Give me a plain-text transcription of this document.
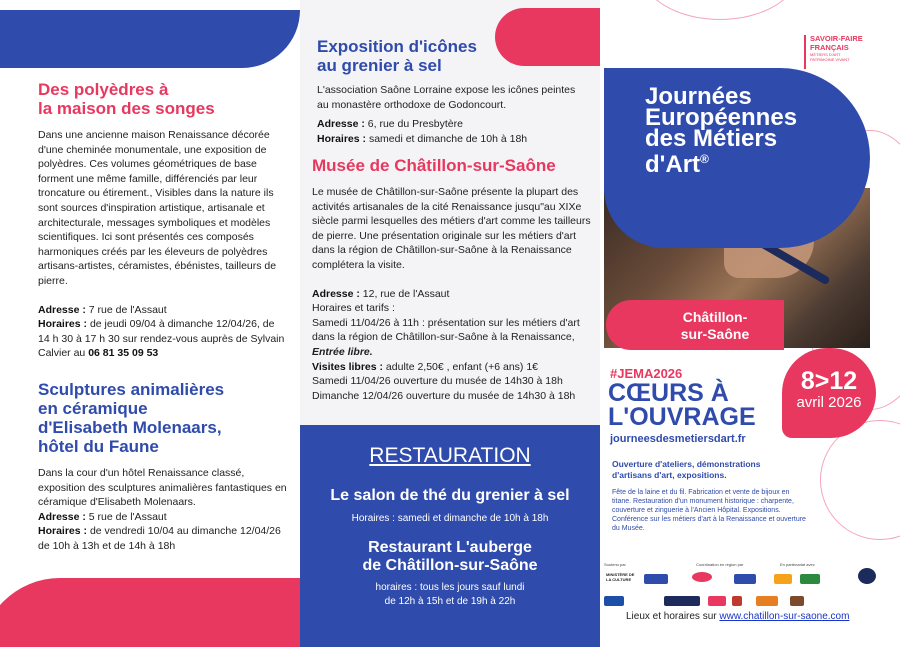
Des polyèdres à
la maison des songes

Dans une ancienne maison Renaissance décorée d'une cheminée monumentale, une exposition de polyèdres. Ces volumes géométriques de base forment une même famille, différenciés par leur troncature ou étirement., Visibles dans la nature ils sont sources d'inspiration artistique, artisanale et architecturale, messages symboliques et modèles scientifiques. Ici sont présentés ces composés harmoniques créés par les éleveurs de polyèdres artisans-artistes, céramistes, ébénistes, tailleurs de pierre.

Adresse : 7 rue de l'Assaut

Horaires : de jeudi 09/04 à dimanche 12/04/26, de 14 h 30 à 17 h 30 sur rendez-vous auprès de Sylvain Calvier au 06 81 35 09 53

Sculptures animalières
en céramique
d'Elisabeth Molenaars,
hôtel du Faune

Dans la cour d'un hôtel Renaissance classé, exposition des sculptures animalières fantastiques en céramique d'Elisabeth Molenaars.

Adresse : 5 rue de l'Assaut

Horaires : de vendredi 10/04 au dimanche 12/04/26 de 10h à 13h et de 14h à 18h

Exposition d'icônes
au grenier à sel

L'association Saône Lorraine expose les icônes peintes au monastère orthodoxe de Godoncourt.

Adresse : 6, rue du Presbytère

Horaires : samedi et dimanche de 10h à 18h

Musée de Châtillon-sur-Saône

Le musée de Châtillon-sur-Saône présente la plupart des activités artisanales de la cité Renaissance jusqu"au XIXe siècle parmi lesquelles des métiers d'art comme les tailleurs de pierre. Une présentation originale sur les métiers d'art dans la région de Châtillon-sur-Saône à la Renaissance complétera la visite.

Adresse : 12, rue de l'Assaut

Horaires et tarifs :

Samedi 11/04/26 à 11h : présentation sur les métiers d'art dans la région de Châtillon-sur-Saône à la Renaissance,

Entrée libre.

Visites libres : adulte 2,50€ , enfant (+6 ans) 1€

Samedi 11/04/26 ouverture du musée de 14h30 à 18h

Dimanche 12/04/26 ouverture du musée de 14h30 à 18h

RESTAURATION
Le salon de thé du grenier à sel
Horaires : samedi et dimanche de 10h à 18h
Restaurant L'auberge
de Châtillon-sur-Saône
horaires : tous les jours sauf lundi
de 12h à 15h et de 19h à 22h
SAVOIR-FAIRE
FRANÇAIS
MÉTIERS D'ART
PATRIMOINE VIVANT
Journées
Européennes
des Métiers
d'Art®
Châtillon-
sur-Saône
8>12
avril 2026
#JEMA2026
CŒURS À
L'OUVRAGE
journeesdesmetiersdart.fr
Ouverture d'ateliers, démonstrations d'artisans d'art, expositions.
Fête de la laine et du fil. Fabrication et vente de bijoux en titane. Restauration d'un monument historique : charpente, couverture et zinguerie à l'Ancien Hôpital. Expositions. Conférence sur les métiers d'art à la Renaissance et ouverture du Musée.
Soutenu par	Coordination en région par	En partenariat avec
MINISTÈRE DE LA CULTURE
Lieux et horaires sur www.chatillon-sur-saone.com
